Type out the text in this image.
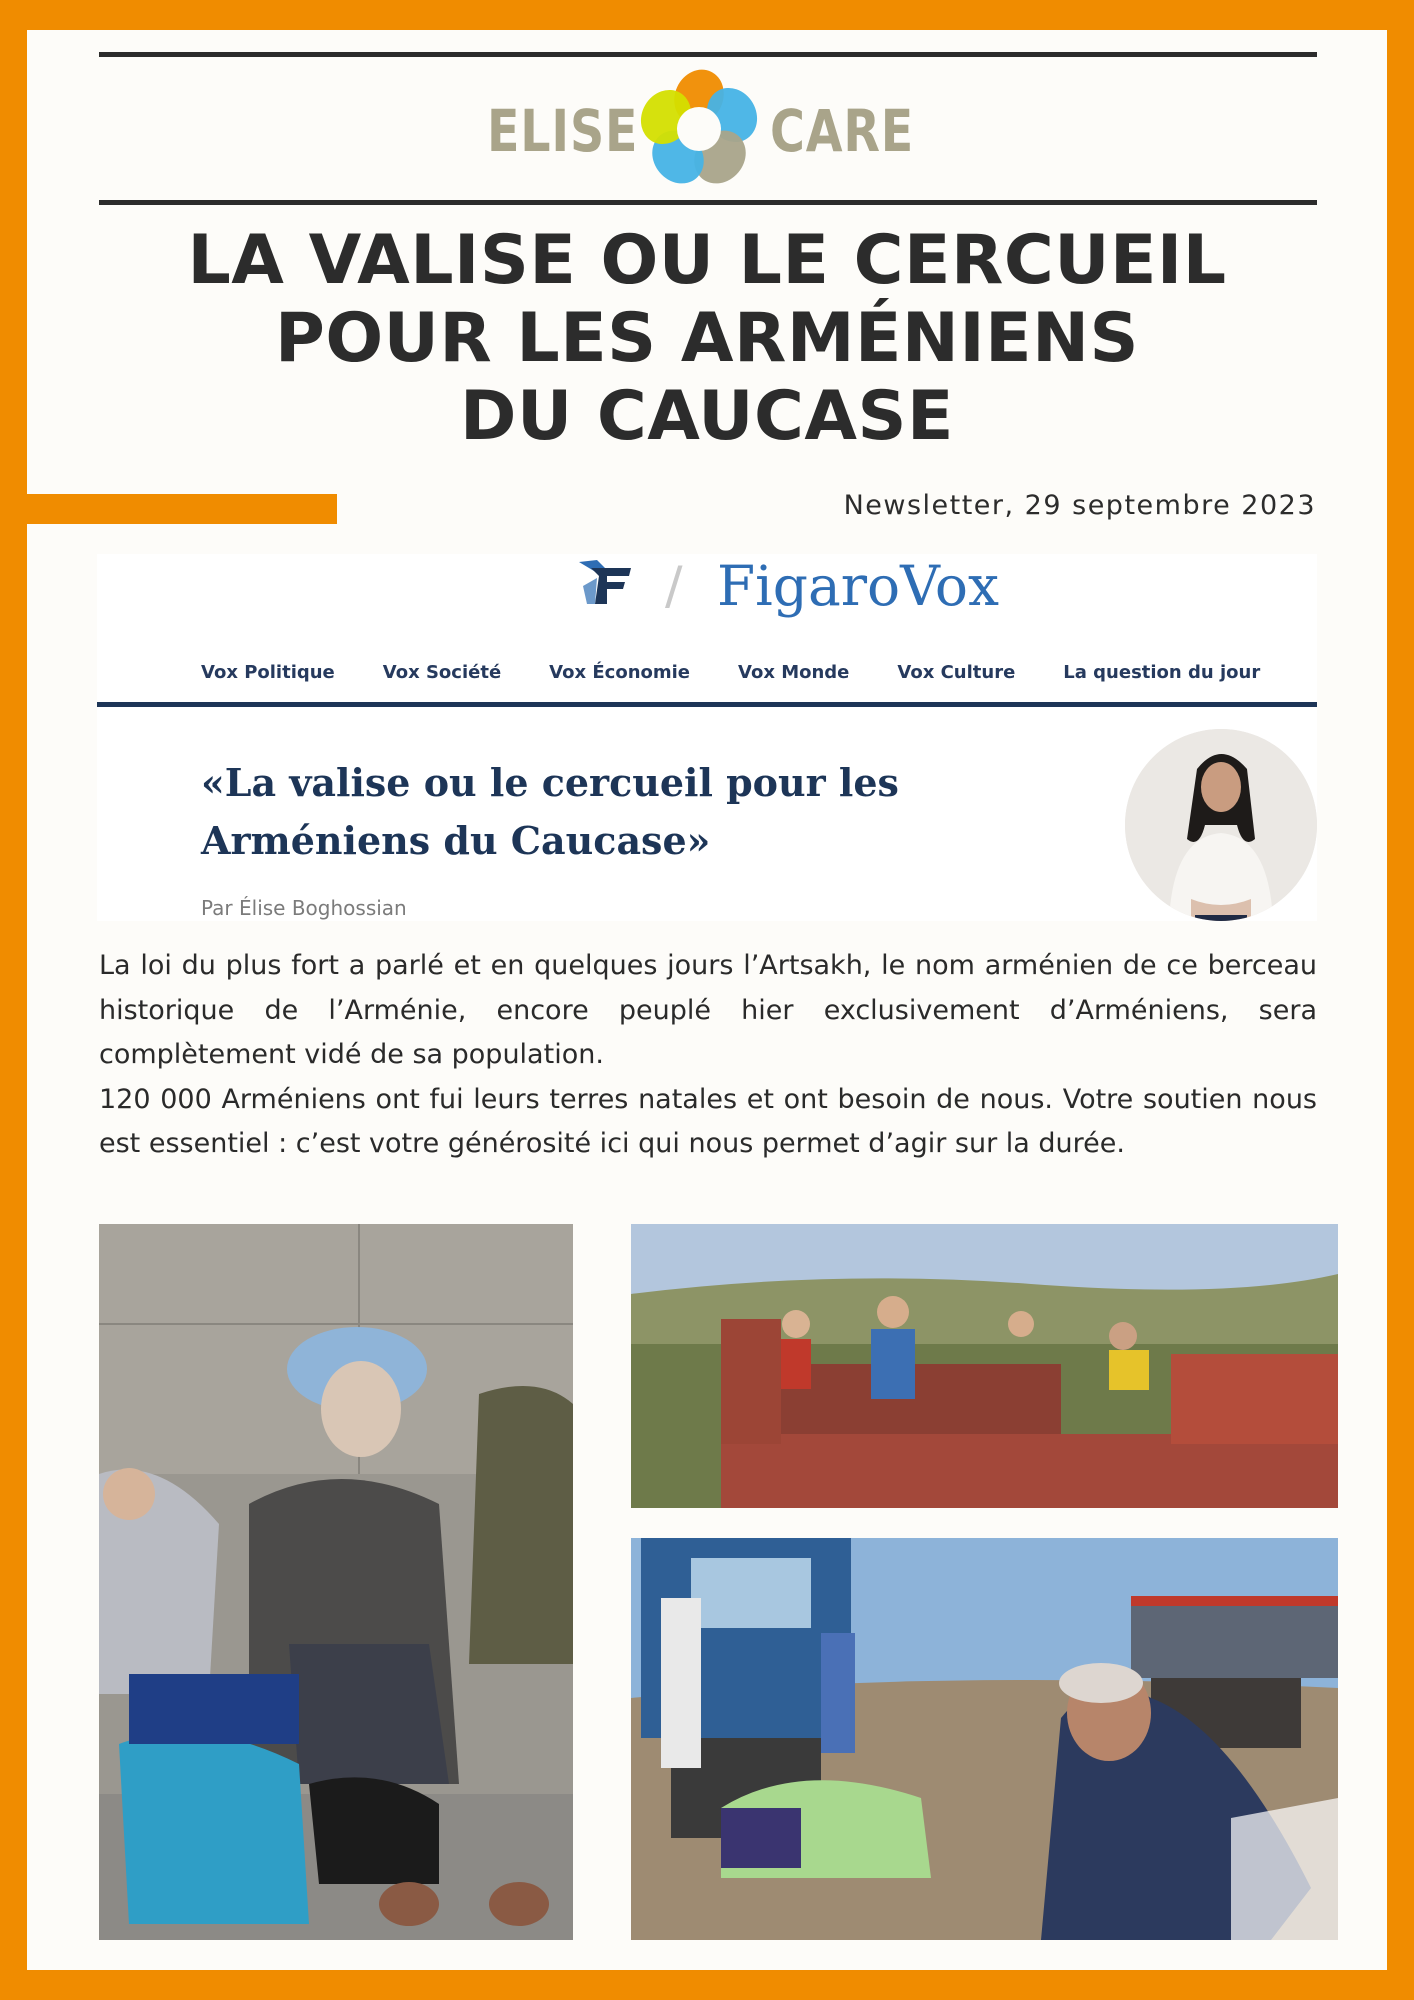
ELISE CARE
LA VALISE OU LE CERCUEIL
POUR LES ARMÉNIENS
DU CAUCASE
Newsletter, 29 septembre 2023
/ FigaroVox
Vox Politique	Vox Société	Vox Économie	Vox Monde	Vox Culture	La question du jour
«La valise ou le cercueil pour les
Arméniens du Caucase»
Par Élise Boghossian
La loi du plus fort a parlé et en quelques jours l’Artsakh, le nom arménien de ce berceau historique de l’Arménie, encore peuplé hier exclusivement d’Arméniens, sera complètement vidé de sa population.
120 000 Arméniens ont fui leurs terres natales et ont besoin de nous. Votre soutien nous est essentiel : c’est votre générosité ici qui nous permet d’agir sur la durée.
